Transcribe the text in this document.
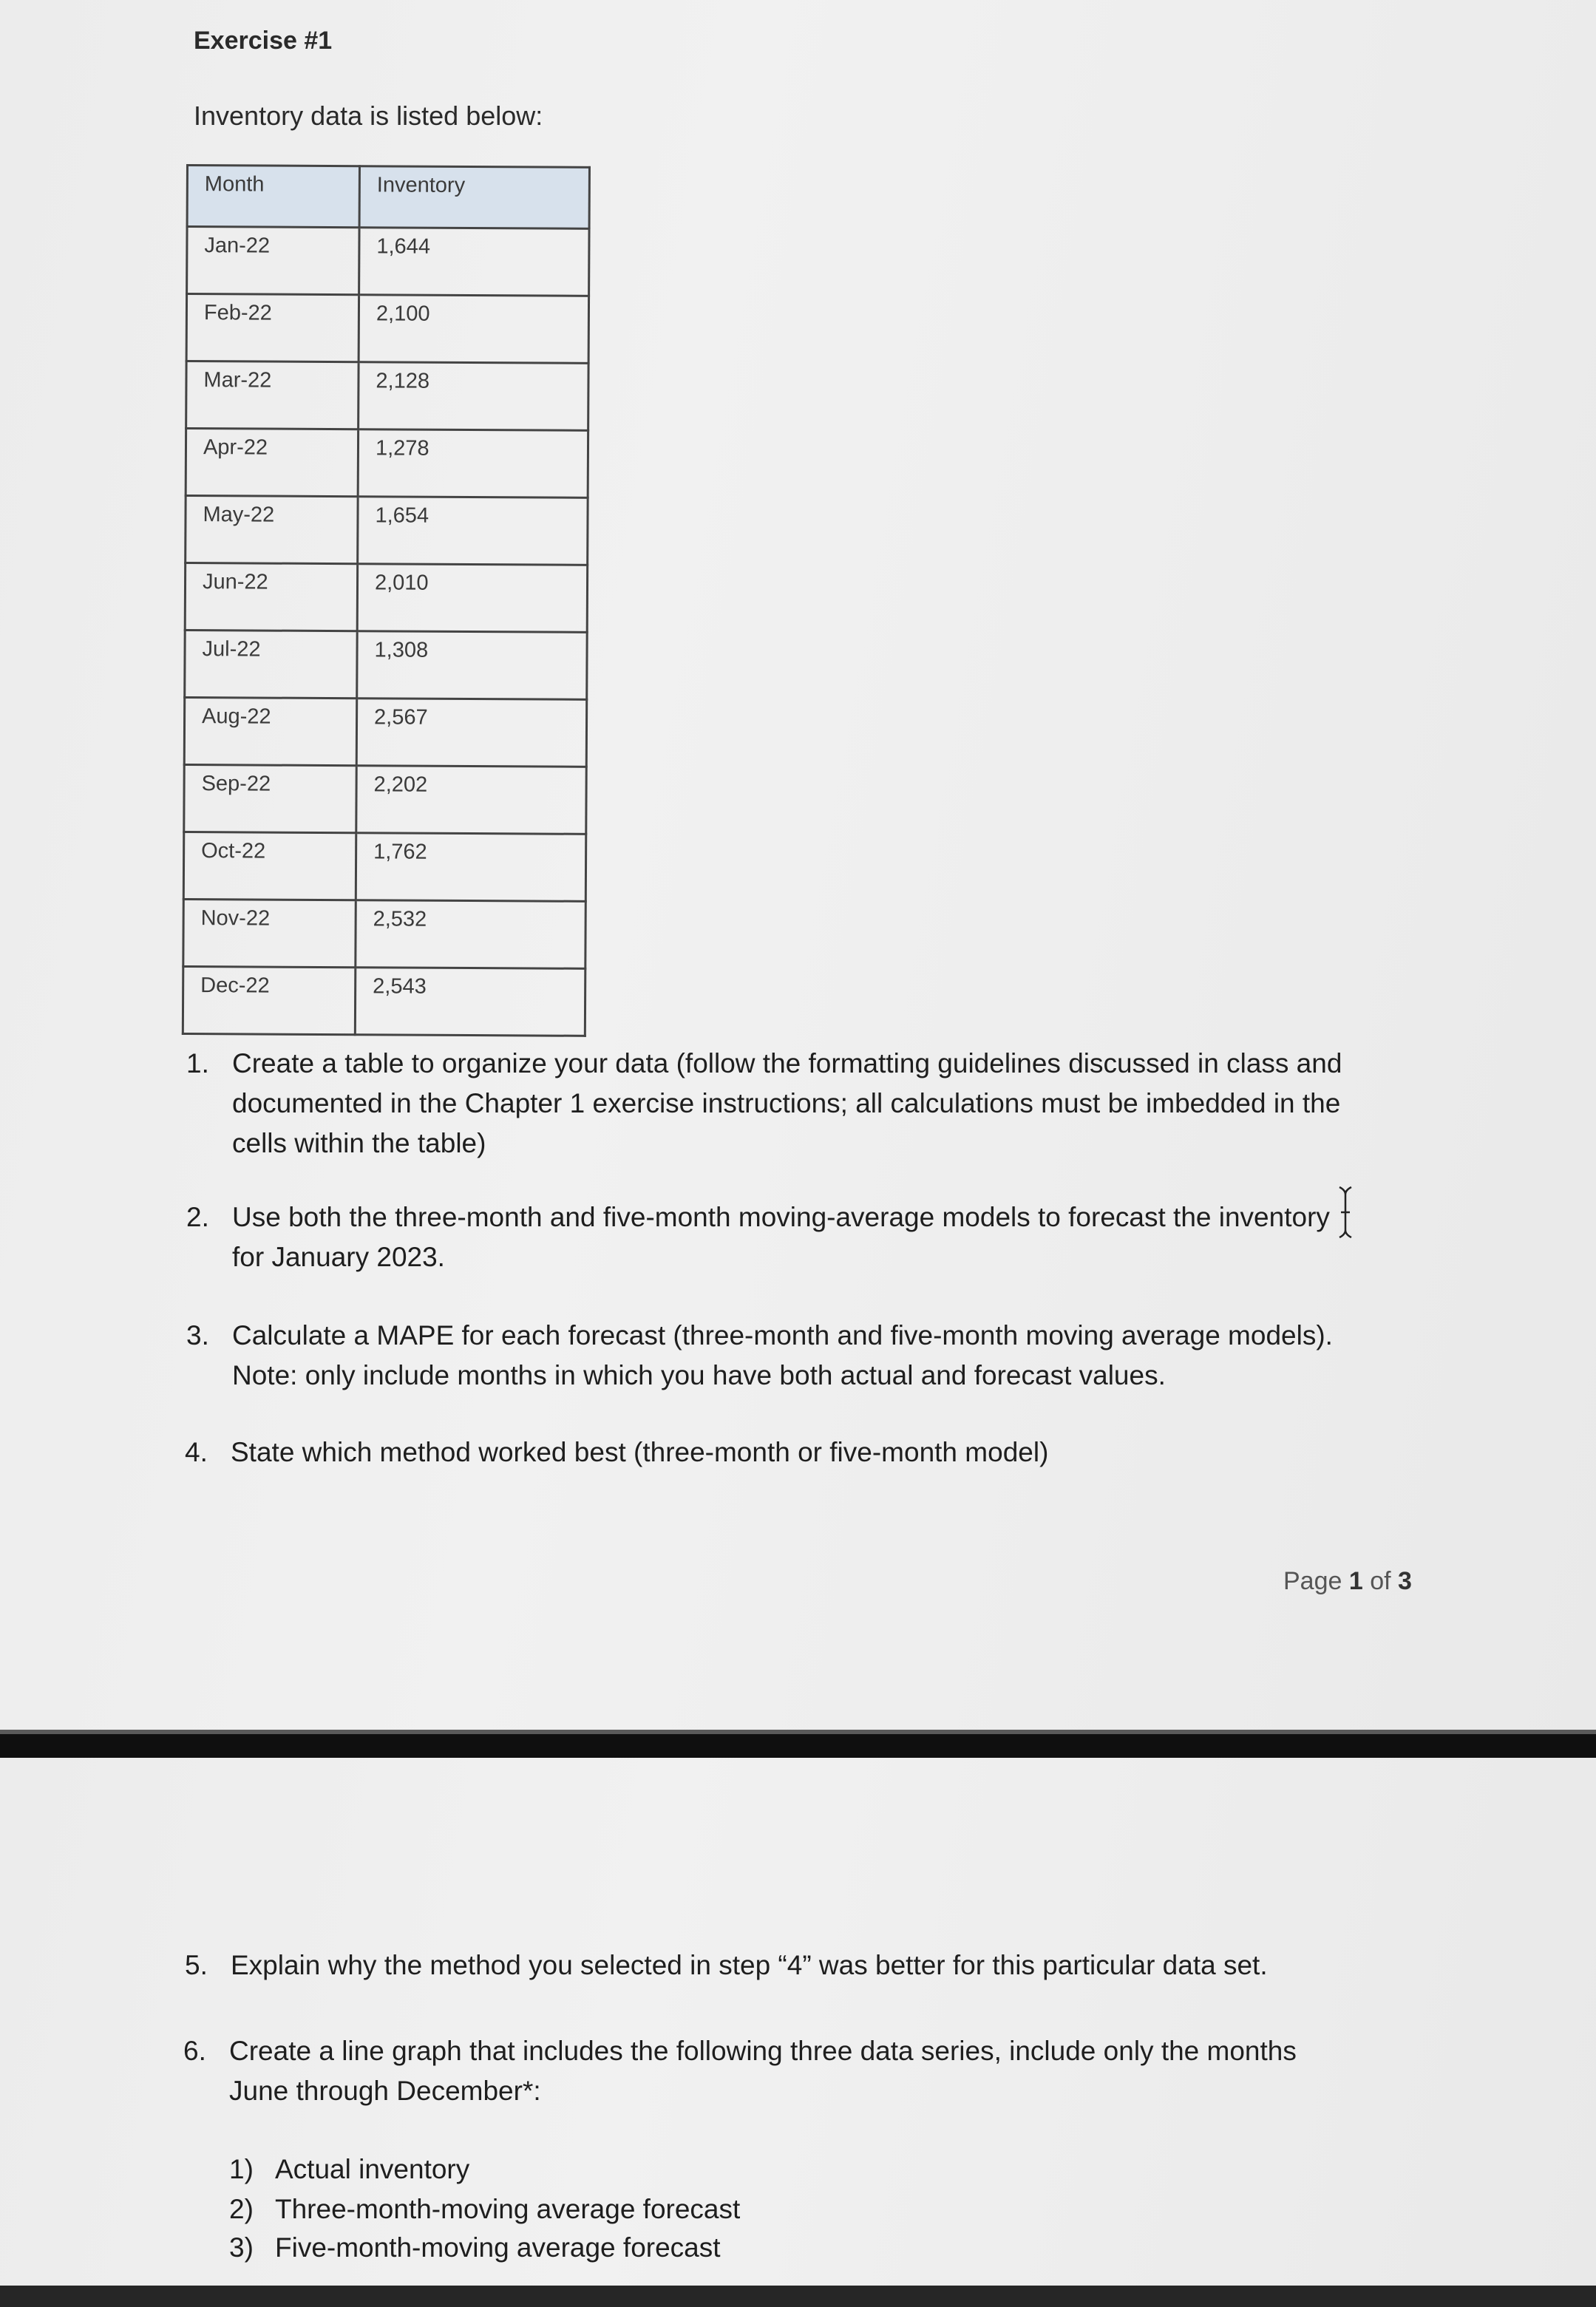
Exercise #1
Inventory data is listed below:
Month	Inventory
Jan-22	1,644
Feb-22	2,100
Mar-22	2,128
Apr-22	1,278
May-22	1,654
Jun-22	2,010
Jul-22	1,308
Aug-22	2,567
Sep-22	2,202
Oct-22	1,762
Nov-22	2,532
Dec-22	2,543
1. Create a table to organize your data (follow the formatting guidelines discussed in class and
documented in the Chapter 1 exercise instructions; all calculations must be imbedded in the
cells within the table)
2. Use both the three-month and five-month moving-average models to forecast the inventory
for January 2023.
3. Calculate a MAPE for each forecast (three-month and five-month moving average models).
Note: only include months in which you have both actual and forecast values.
4. State which method worked best (three-month or five-month model)
Page 1 of 3
5. Explain why the method you selected in step “4” was better for this particular data set.
6. Create a line graph that includes the following three data series, include only the months
June through December*:
1) Actual inventory
2) Three-month-moving average forecast
3) Five-month-moving average forecast
